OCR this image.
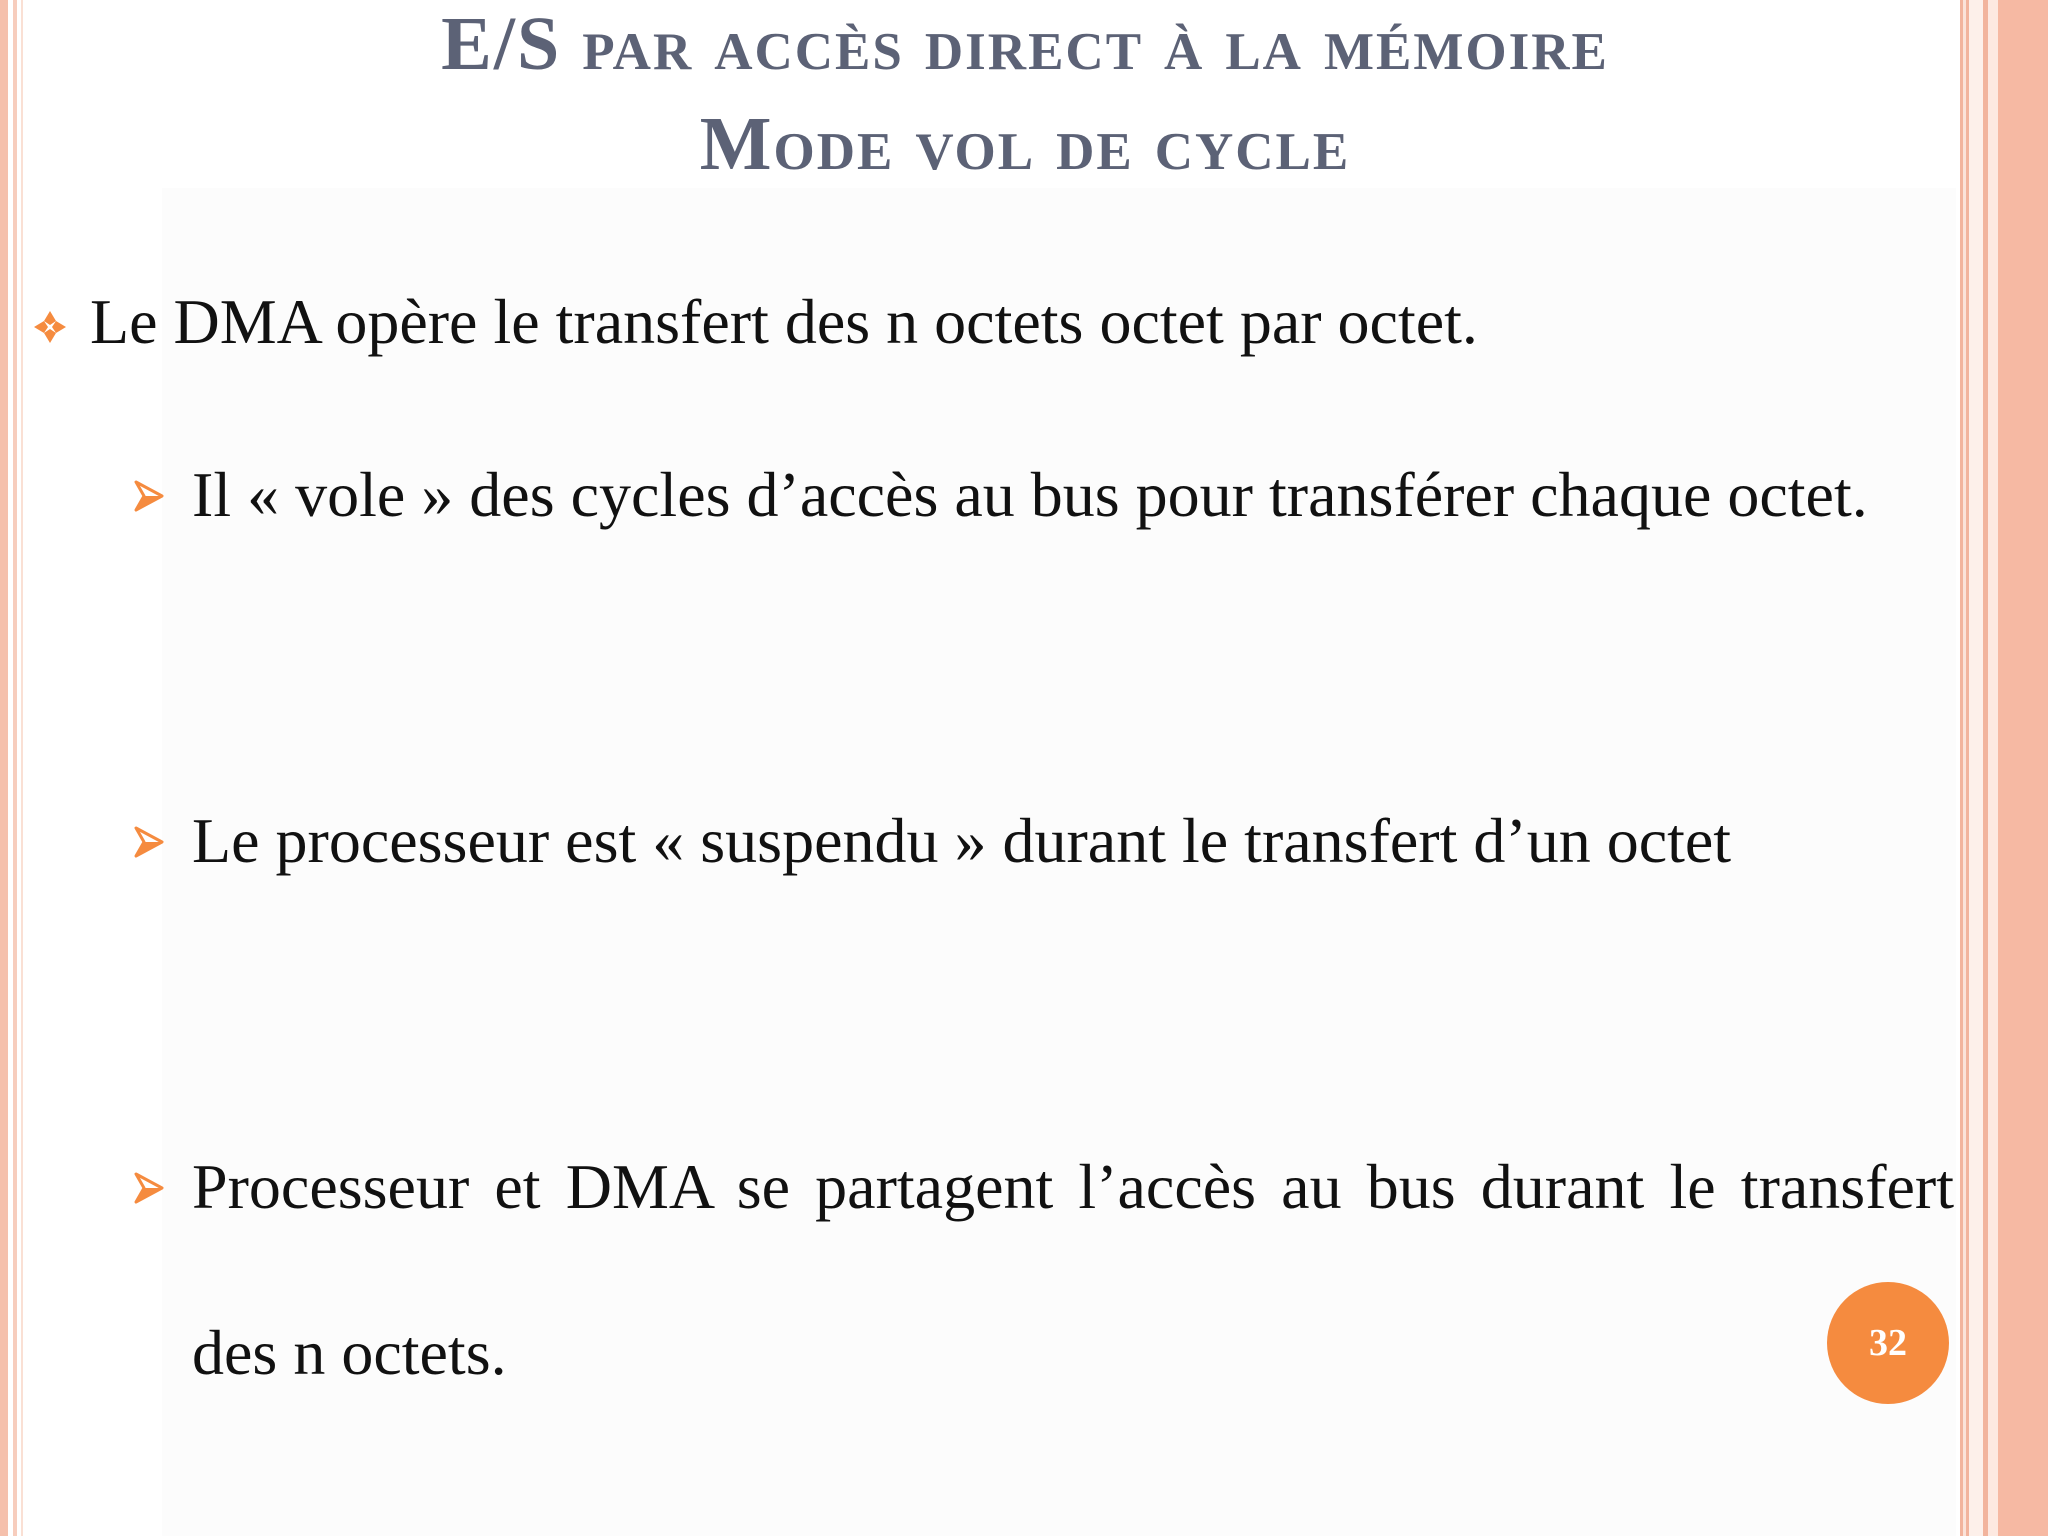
E/S par accès direct à la mémoire
Mode vol de cycle
Le DMA opère le transfert des n octets octet par octet.
Il « vole » des cycles d’accès au bus pour transférer chaque octet.
Le processeur est « suspendu » durant le transfert d’un octet
Processeur et DMA se partagent l’accès au bus durant le transfert des n octets.	32
